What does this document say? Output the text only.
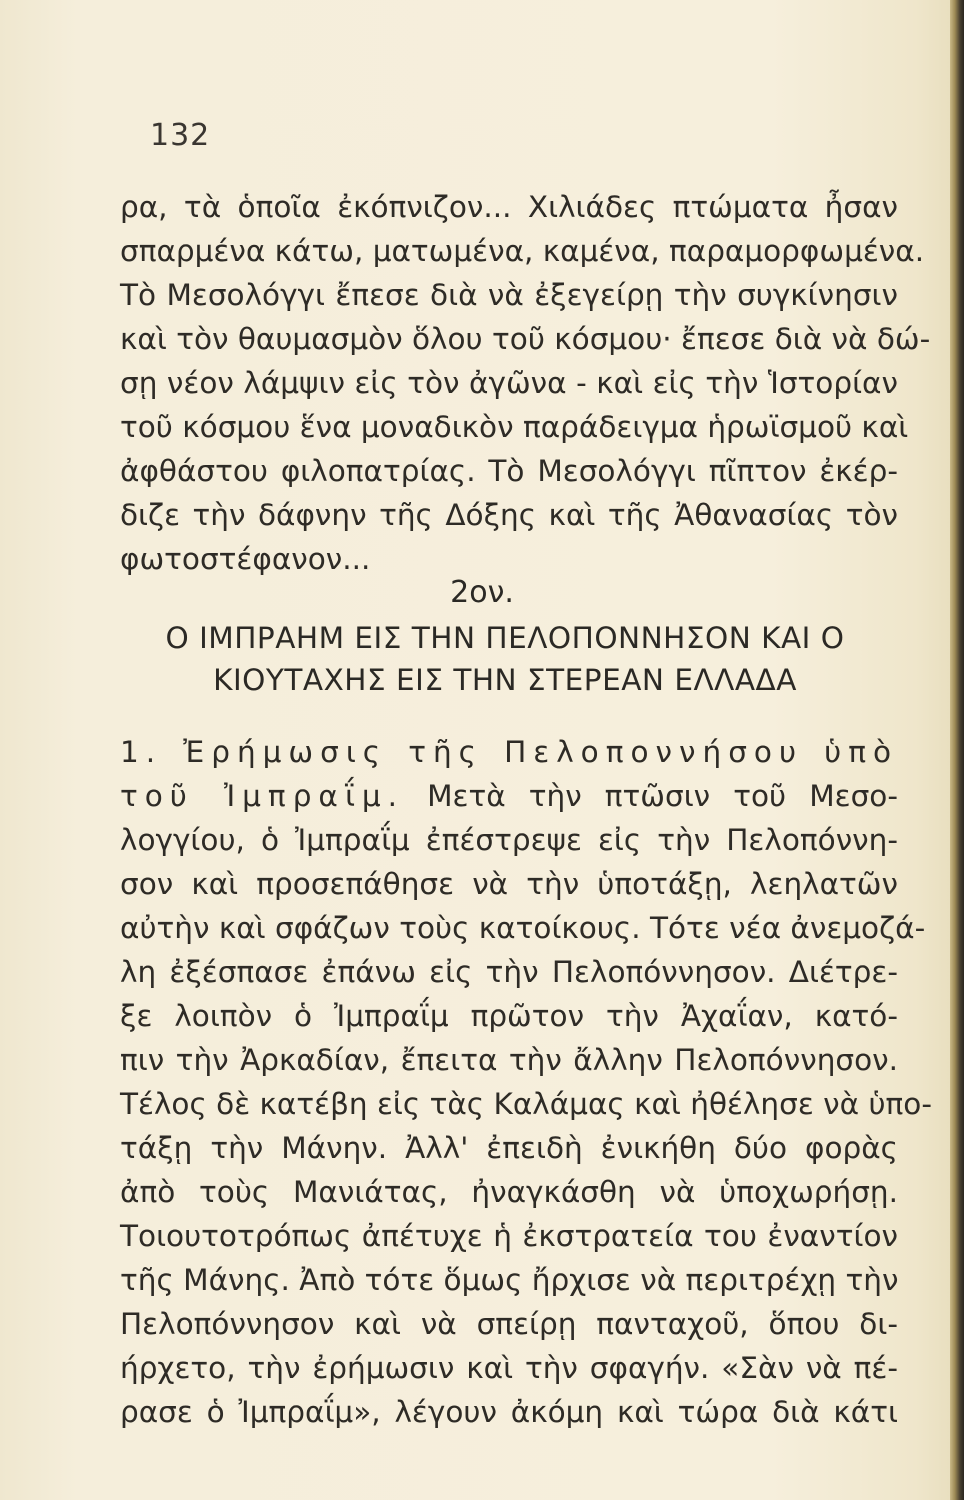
132
ρα, τὰ ὁποῖα ἐκόπνιζον... Χιλιάδες πτώματα ἦσαν
σπαρμένα κάτω, ματωμένα, καμένα, παραμορφωμένα.
Τὸ Μεσολόγγι ἔπεσε διὰ νὰ ἐξεγείρῃ τὴν συγκίνησιν
καὶ τὸν θαυμασμὸν ὅλου τοῦ κόσμου· ἔπεσε διὰ νὰ δώ-
σῃ νέον λάμψιν εἰς τὸν ἀγῶνα - καὶ εἰς τὴν Ἱστορίαν
τοῦ κόσμου ἕνα μοναδικὸν παράδειγμα ἡρωϊσμοῦ καὶ
ἀφθάστου φιλοπατρίας. Τὸ Μεσολόγγι πῖπτον ἐκέρ-
διζε τὴν δάφνην τῆς Δόξης καὶ τῆς Ἀθανασίας τὸν
φωτοστέφανον...
2ον.
Ο ΙΜΠΡΑΗΜ ΕΙΣ ΤΗΝ ΠΕΛΟΠΟΝΝΗΣΟΝ ΚΑΙ Ο
ΚΙΟΥΤΑΧΗΣ ΕΙΣ ΤΗΝ ΣΤΕΡΕΑΝ ΕΛΛΑΔΑ
1. Ἐρήμωσις τῆς Πελοποννήσου ὑπὸ
τοῦ Ἰμπραΐμ. Μετὰ τὴν πτῶσιν τοῦ Μεσο-
λογγίου, ὁ Ἰμπραΐμ ἐπέστρεψε εἰς τὴν Πελοπόννη-
σον καὶ προσεπάθησε νὰ τὴν ὑποτάξῃ, λεηλατῶν
αὐτὴν καὶ σφάζων τοὺς κατοίκους. Τότε νέα ἀνεμοζά-
λη ἐξέσπασε ἐπάνω εἰς τὴν Πελοπόννησον. Διέτρε-
ξε λοιπὸν ὁ Ἰμπραΐμ πρῶτον τὴν Ἀχαΐαν, κατό-
πιν τὴν Ἀρκαδίαν, ἔπειτα τὴν ἄλλην Πελοπόννησον.
Τέλος δὲ κατέβη εἰς τὰς Καλάμας καὶ ἠθέλησε νὰ ὑπο-
τάξῃ τὴν Μάνην. Ἀλλ' ἐπειδὴ ἐνικήθη δύο φορὰς
ἀπὸ τοὺς Μανιάτας, ἠναγκάσθη νὰ ὑποχωρήσῃ.
Τοιουτοτρόπως ἀπέτυχε ἡ ἐκστρατεία του ἐναντίον
τῆς Μάνης. Ἀπὸ τότε ὅμως ἤρχισε νὰ περιτρέχῃ τὴν
Πελοπόννησον καὶ νὰ σπείρῃ πανταχοῦ, ὅπου δι-
ήρχετο, τὴν ἐρήμωσιν καὶ τὴν σφαγήν. «Σὰν νὰ πέ-
ρασε ὁ Ἰμπραΐμ», λέγουν ἀκόμη καὶ τώρα διὰ κάτι
